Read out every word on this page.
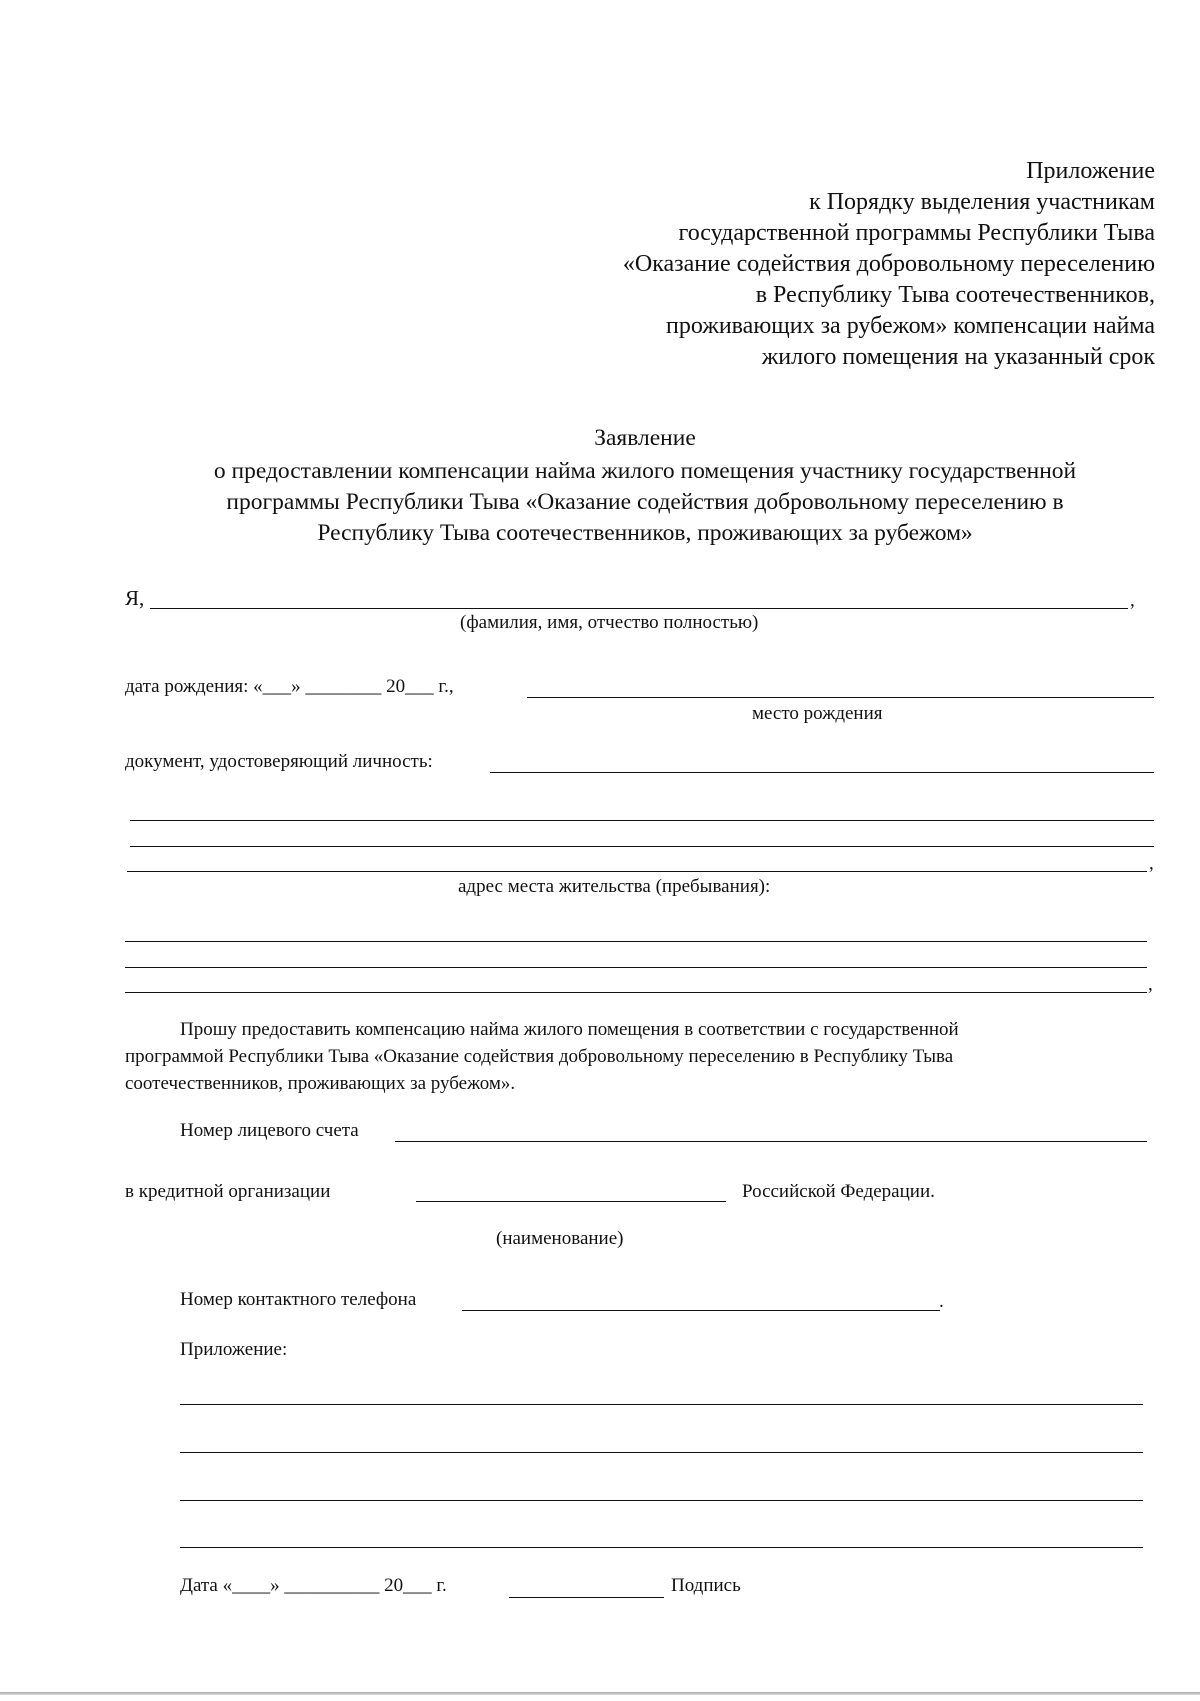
Приложение
к Порядку выделения участникам
государственной программы Республики Тыва
«Оказание содействия добровольному переселению
в Республику Тыва соотечественников,
проживающих за рубежом» компенсации найма
жилого помещения на указанный срок
Заявление
о предоставлении компенсации найма жилого помещения участнику государственной
программы Республики Тыва «Оказание содействия добровольному переселению в
Республику Тыва соотечественников, проживающих за рубежом»
Я,	,
(фамилия, имя, отчество полностью)
дата рождения: «___» ________ 20___ г.,
место рождения
документ, удостоверяющий личность:
,
адрес места жительства (пребывания):
,
Прошу предоставить компенсацию найма жилого помещения в соответствии с государственной
программой Республики Тыва «Оказание содействия добровольному переселению в Республику Тыва
соотечественников, проживающих за рубежом».
Номер лицевого счета
в кредитной организации	Российской Федерации.
(наименование)
Номер контактного телефона	.
Приложение:
Дата «____» __________ 20___ г.	Подпись
